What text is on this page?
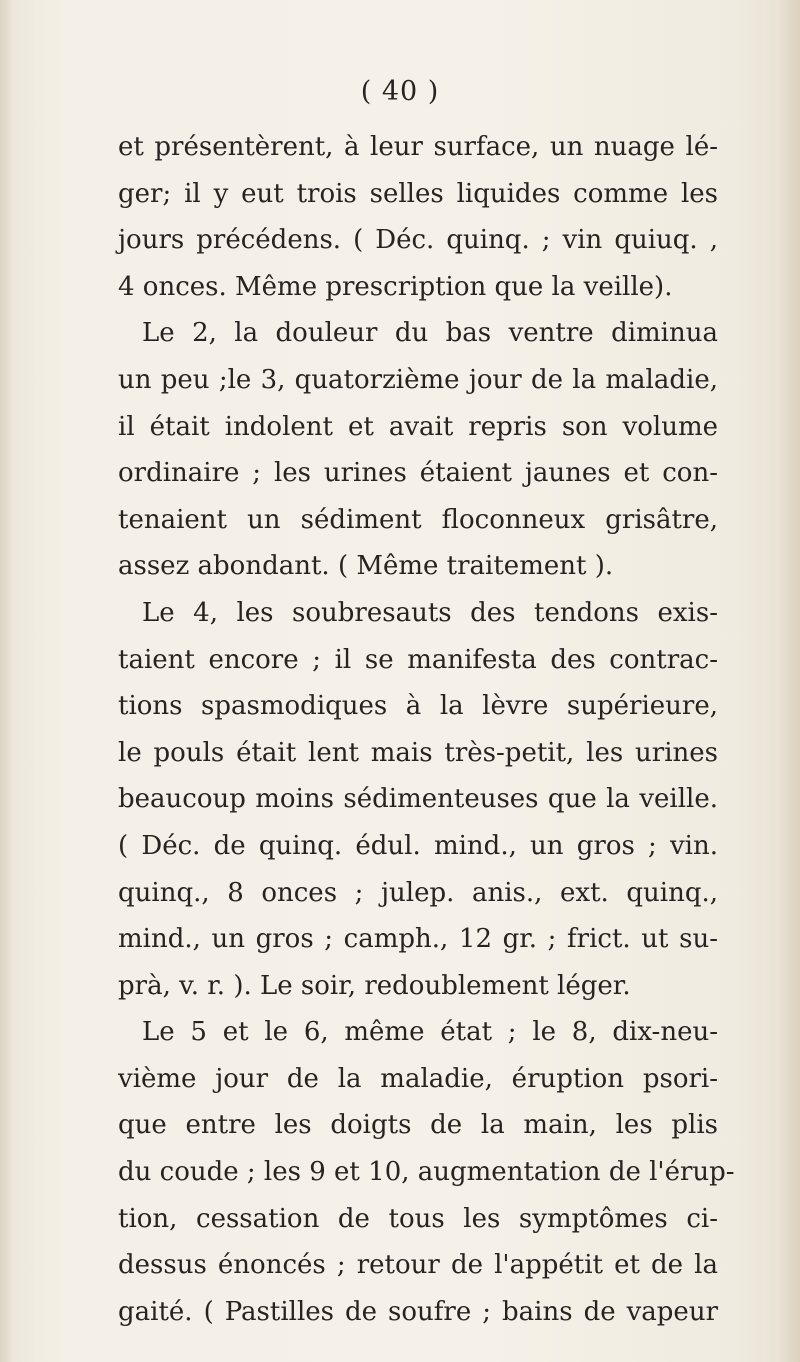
( 40 )
et présentèrent, à leur surface, un nuage lé-
ger; il y eut trois selles liquides comme les
jours précédens. ( Déc. quinq. ; vin quiuq. ,
4 onces. Même prescription que la veille).
Le 2, la douleur du bas ventre diminua
un peu ;le 3, quatorzième jour de la maladie,
il était indolent et avait repris son volume
ordinaire ; les urines étaient jaunes et con-
tenaient un sédiment floconneux grisâtre,
assez abondant. ( Même traitement ).
Le 4, les soubresauts des tendons exis-
taient encore ; il se manifesta des contrac-
tions spasmodiques à la lèvre supérieure,
le pouls était lent mais très-petit, les urines
beaucoup moins sédimenteuses que la veille.
( Déc. de quinq. édul. mind., un gros ; vin.
quinq., 8 onces ; julep. anis., ext. quinq.,
mind., un gros ; camph., 12 gr. ; frict. ut su-
prà, v. r. ). Le soir, redoublement léger.
Le 5 et le 6, même état ; le 8, dix-neu-
vième jour de la maladie, éruption psori-
que entre les doigts de la main, les plis
du coude ; les 9 et 10, augmentation de l'érup-
tion, cessation de tous les symptômes ci-
dessus énoncés ; retour de l'appétit et de la
gaité. ( Pastilles de soufre ; bains de vapeur
